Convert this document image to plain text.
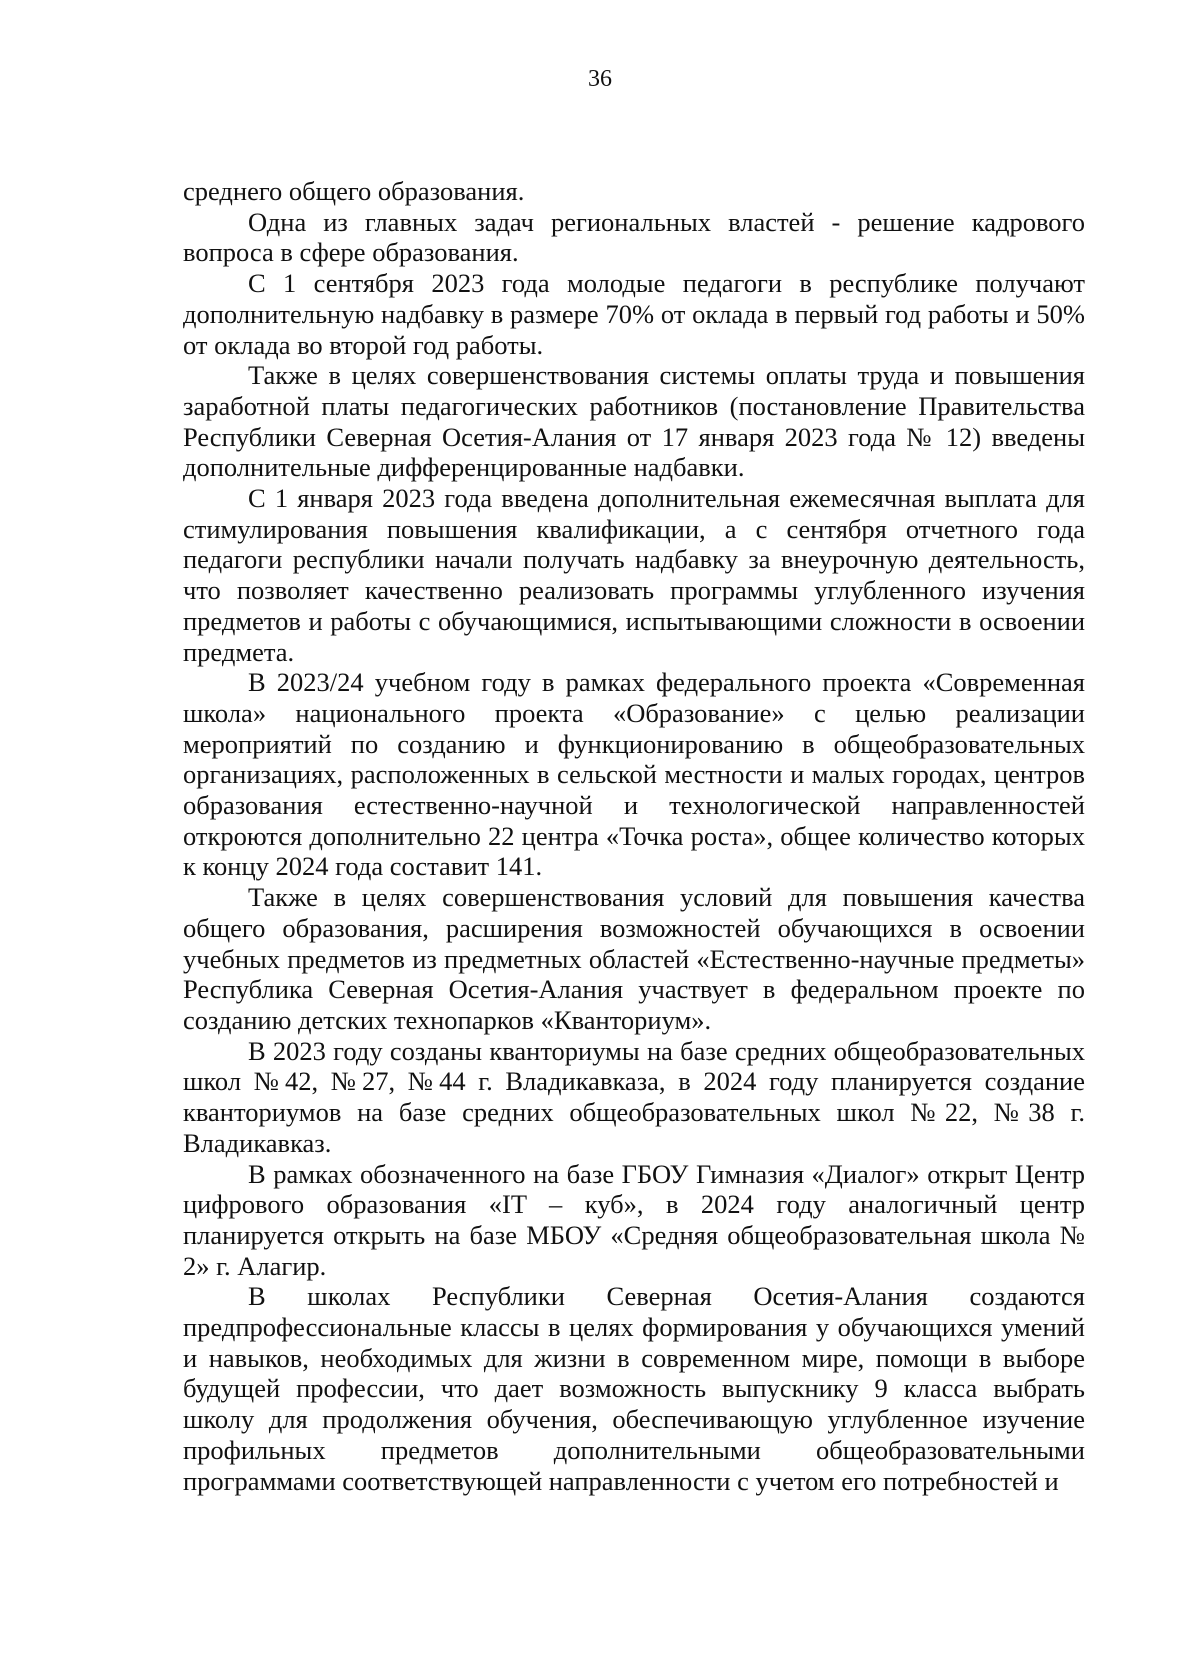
36

среднего общего образования.

Одна из главных задач региональных властей - решение кадрового вопроса в сфере образования.

С 1 сентября 2023 года молодые педагоги в республике получают дополнительную надбавку в размере 70% от оклада в первый год работы и 50% от оклада во второй год работы.

Также в целях совершенствования системы оплаты труда и повышения заработной платы педагогических работников (постановление Правительства Республики Северная Осетия-Алания от 17 января 2023 года № 12) введены дополнительные дифференцированные надбавки.

С 1 января 2023 года введена дополнительная ежемесячная выплата для стимулирования повышения квалификации, а с сентября отчетного года педагоги республики начали получать надбавку за внеурочную деятельность, что позволяет качественно реализовать программы углубленного изучения предметов и работы с обучающимися, испытывающими сложности в освоении предмета.

В 2023/24 учебном году в рамках федерального проекта «Современная школа» национального проекта «Образование» с целью реализации мероприятий по созданию и функционированию в общеобразовательных организациях, расположенных в сельской местности и малых городах, центров образования естественно-научной и технологической направленностей откроются дополнительно 22 центра «Точка роста», общее количество которых к концу 2024 года составит 141.

Также в целях совершенствования условий для повышения качества общего образования, расширения возможностей обучающихся в освоении учебных предметов из предметных областей «Естественно-научные предметы» Республика Северная Осетия-Алания участвует в федеральном проекте по созданию детских технопарков «Кванториум».

В 2023 году созданы кванториумы на базе средних общеобразовательных школ №42, №27, №44 г. Владикавказа, в 2024 году планируется создание кванториумов на базе средних общеобразовательных школ №22, №38 г. Владикавказ.

В рамках обозначенного на базе ГБОУ Гимназия «Диалог» открыт Центр цифрового образования «IT – куб», в 2024 году аналогичный центр планируется открыть на базе МБОУ «Средняя общеобразовательная школа № 2» г. Алагир.

В школах Республики Северная Осетия-Алания создаются предпрофессиональные классы в целях формирования у обучающихся умений и навыков, необходимых для жизни в современном мире, помощи в выборе будущей профессии, что дает возможность выпускнику 9 класса выбрать школу для продолжения обучения, обеспечивающую углубленное изучение профильных предметов дополнительными общеобразовательными программами соответствующей направленности с учетом его потребностей и
